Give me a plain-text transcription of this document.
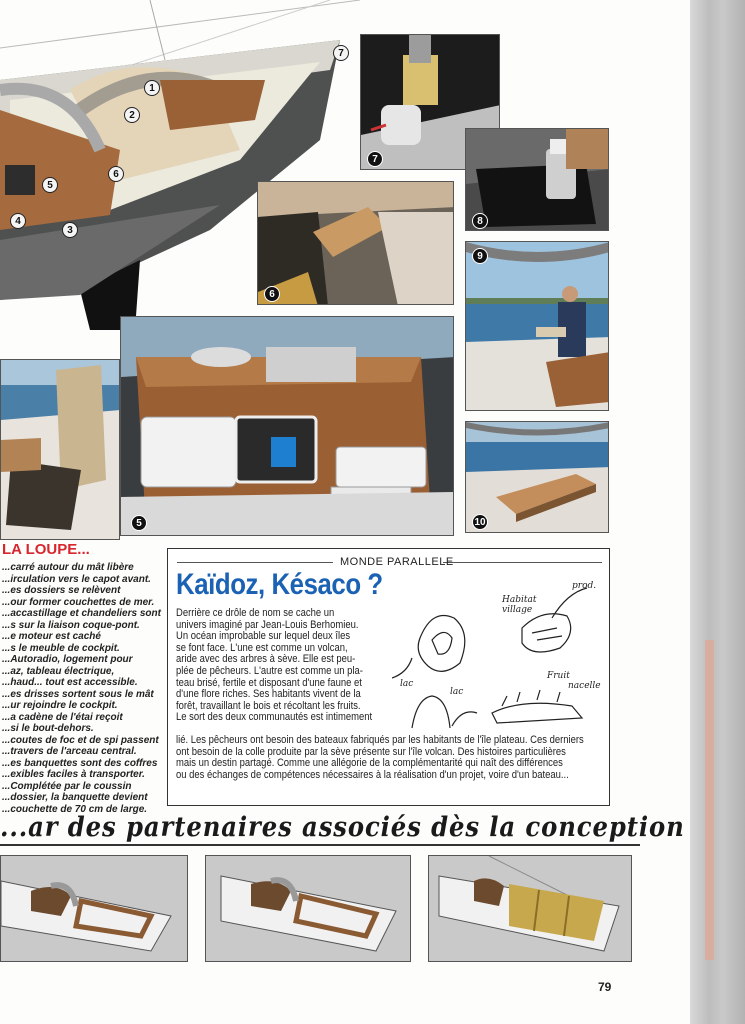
1
2
3
4
5
6
7
7
8
6
9
5	10
LA LOUPE...
...carré autour du mât libère
...irculation vers le capot avant.
...es dossiers se relèvent
...our former couchettes de mer.
...accastillage et chandeliers sont
...s sur la liaison coque-pont.
...e moteur est caché
...s le meuble de cockpit.
...Autoradio, logement pour
...az, tableau électrique,
...haud... tout est accessible.
...es drisses sortent sous le mât
...ur rejoindre le cockpit.
...a cadène de l'étai reçoit
...si le bout-dehors.
...coutes de foc et de spi passent
...travers de l'arceau central.
...es banquettes sont des coffres
...exibles faciles à transporter.
...Complétée par le coussin
...dossier, la banquette devient
...couchette de 70 cm de large.
MONDE PARALLELE
Kaïdoz, Késaco ?
Derrière ce drôle de nom se cache un
univers imaginé par Jean-Louis Berhomieu.
Un océan improbable sur lequel deux îles
se font face. L'une est comme un volcan,
aride avec des arbres à sève. Elle est peu-
plée de pêcheurs. L'autre est comme un pla-
teau brisé, fertile et disposant d'une faune et
d'une flore riches. Ses habitants vivent de la
forêt, travaillant le bois et récoltant les fruits.
Le sort des deux communautés est intimement
Habitat
village
prod.
Fruit
nacelle
lac
lac
lié. Les pêcheurs ont besoin des bateaux fabriqués par les habitants de l'île plateau. Ces derniers
ont besoin de la colle produite par la sève présente sur l'île volcan. Des histoires particulières
mais un destin partagé. Comme une allégorie de la complémentarité qui naît des différences
ou des échanges de compétences nécessaires à la réalisation d'un projet, voire d'un bateau...
...ar des partenaires associés dès la conception
79
